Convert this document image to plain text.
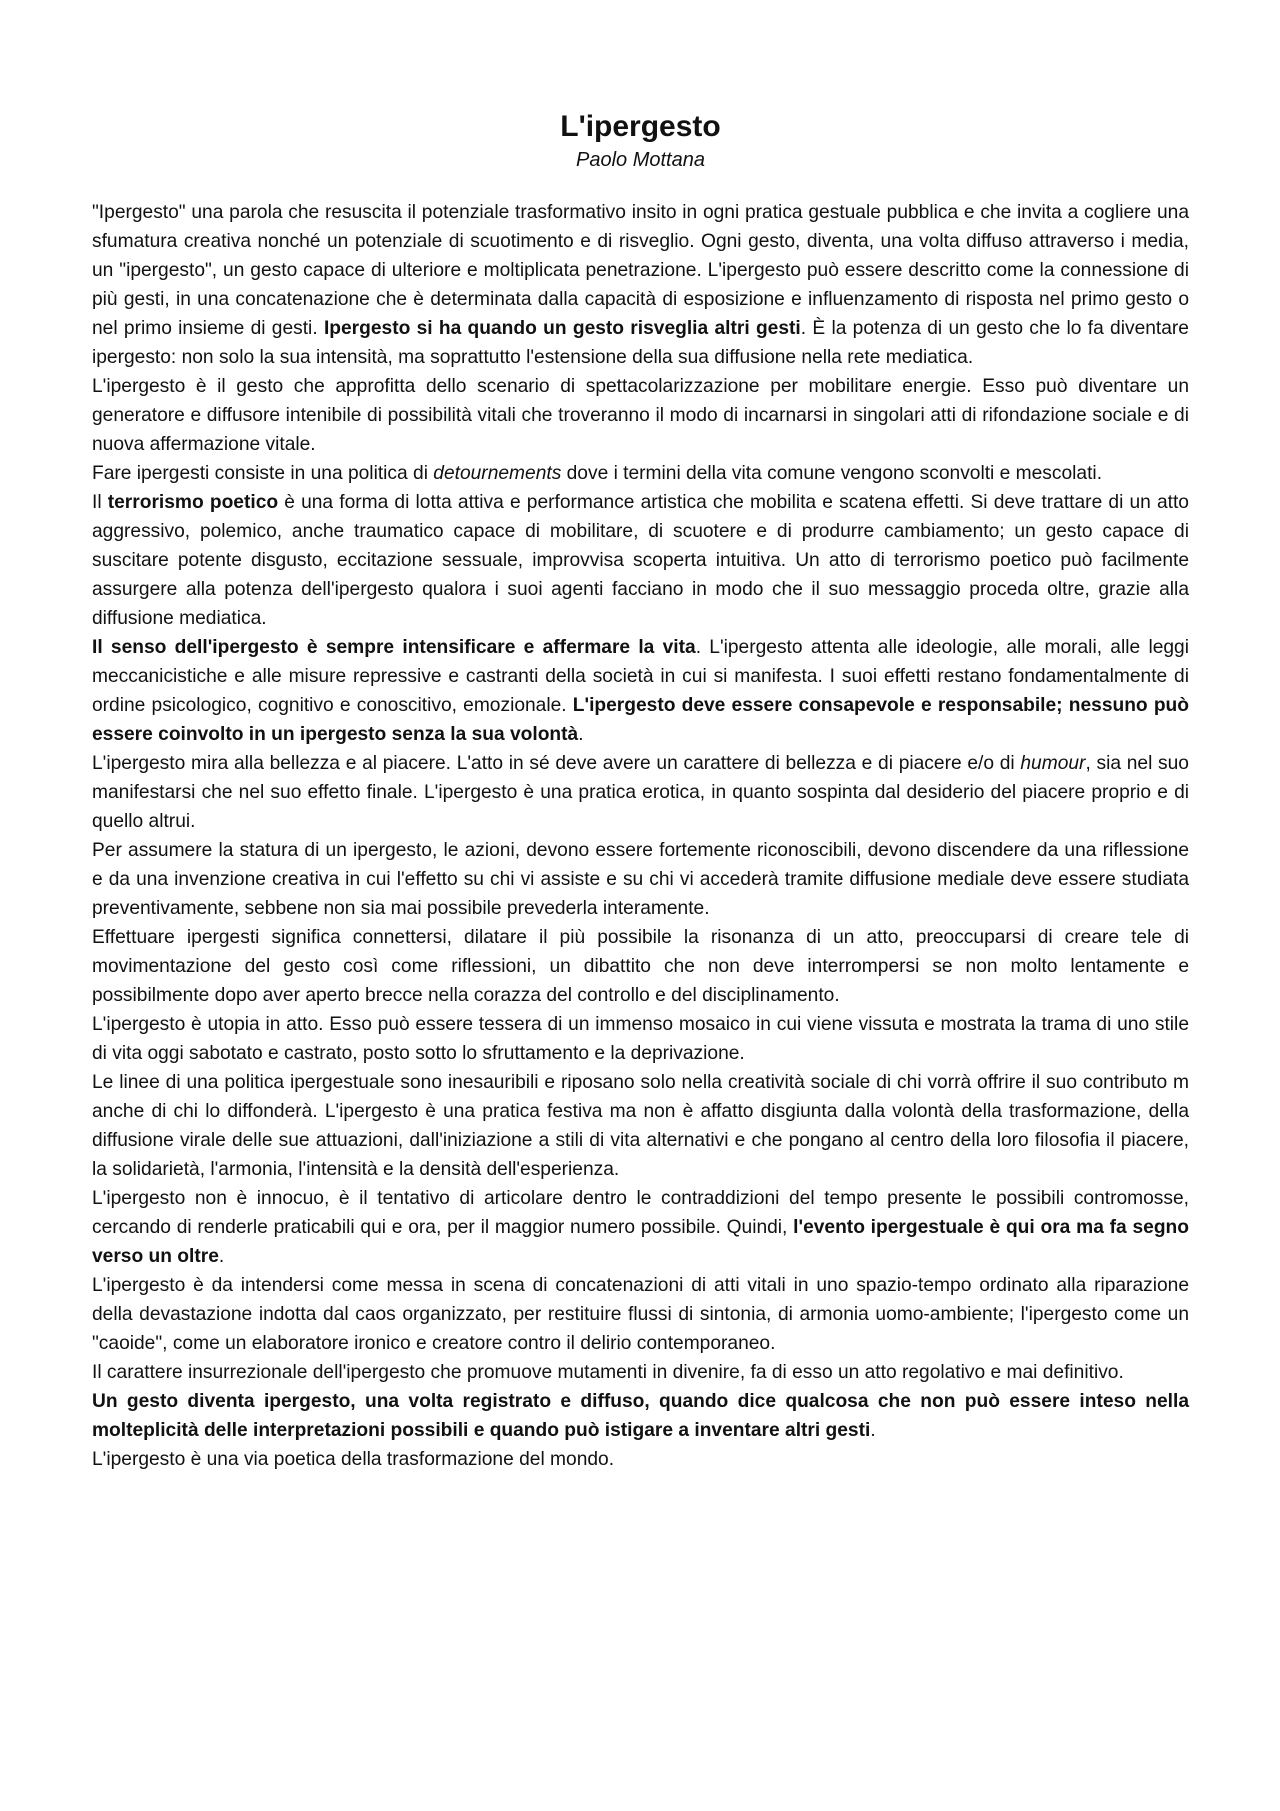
L'ipergesto
Paolo Mottana

"Ipergesto" una parola che resuscita il potenziale trasformativo insito in ogni pratica gestuale pubblica e che invita a cogliere una sfumatura creativa nonché un potenziale di scuotimento e di risveglio. Ogni gesto, diventa, una volta diffuso attraverso i media, un "ipergesto", un gesto capace di ulteriore e moltiplicata penetrazione. L'ipergesto può essere descritto come la connessione di più gesti, in una concatenazione che è determinata dalla capacità di esposizione e influenzamento di risposta nel primo gesto o nel primo insieme di gesti. Ipergesto si ha quando un gesto risveglia altri gesti. È la potenza di un gesto che lo fa diventare ipergesto: non solo la sua intensità, ma soprattutto l'estensione della sua diffusione nella rete mediatica.

L'ipergesto è il gesto che approfitta dello scenario di spettacolarizzazione per mobilitare energie. Esso può diventare un generatore e diffusore intenibile di possibilità vitali che troveranno il modo di incarnarsi in singolari atti di rifondazione sociale e di nuova affermazione vitale.

Fare ipergesti consiste in una politica di detournements dove i termini della vita comune vengono sconvolti e mescolati.

Il terrorismo poetico è una forma di lotta attiva e performance artistica che mobilita e scatena effetti. Si deve trattare di un atto aggressivo, polemico, anche traumatico capace di mobilitare, di scuotere e di produrre cambiamento; un gesto capace di suscitare potente disgusto, eccitazione sessuale, improvvisa scoperta intuitiva. Un atto di terrorismo poetico può facilmente assurgere alla potenza dell'ipergesto qualora i suoi agenti facciano in modo che il suo messaggio proceda oltre, grazie alla diffusione mediatica.

Il senso dell'ipergesto è sempre intensificare e affermare la vita. L'ipergesto attenta alle ideologie, alle morali, alle leggi meccanicistiche e alle misure repressive e castranti della società in cui si manifesta. I suoi effetti restano fondamentalmente di ordine psicologico, cognitivo e conoscitivo, emozionale. L'ipergesto deve essere consapevole e responsabile; nessuno può essere coinvolto in un ipergesto senza la sua volontà.

L'ipergesto mira alla bellezza e al piacere. L'atto in sé deve avere un carattere di bellezza e di piacere e/o di humour, sia nel suo manifestarsi che nel suo effetto finale. L'ipergesto è una pratica erotica, in quanto sospinta dal desiderio del piacere proprio e di quello altrui.

Per assumere la statura di un ipergesto, le azioni, devono essere fortemente riconoscibili, devono discendere da una riflessione e da una invenzione creativa in cui l'effetto su chi vi assiste e su chi vi accederà tramite diffusione mediale deve essere studiata preventivamente, sebbene non sia mai possibile prevederla interamente.

Effettuare ipergesti significa connettersi, dilatare il più possibile la risonanza di un atto, preoccuparsi di creare tele di movimentazione del gesto così come riflessioni, un dibattito che non deve interrompersi se non molto lentamente e possibilmente dopo aver aperto brecce nella corazza del controllo e del disciplinamento.

L'ipergesto è utopia in atto. Esso può essere tessera di un immenso mosaico in cui viene vissuta e mostrata la trama di uno stile di vita oggi sabotato e castrato, posto sotto lo sfruttamento e la deprivazione.

Le linee di una politica ipergestuale sono inesauribili e riposano solo nella creatività sociale di chi vorrà offrire il suo contributo m anche di chi lo diffonderà. L'ipergesto è una pratica festiva ma non è affatto disgiunta dalla volontà della trasformazione, della diffusione virale delle sue attuazioni, dall'iniziazione a stili di vita alternativi e che pongano al centro della loro filosofia il piacere, la solidarietà, l'armonia, l'intensità e la densità dell'esperienza.

L'ipergesto non è innocuo, è il tentativo di articolare dentro le contraddizioni del tempo presente le possibili contromosse, cercando di renderle praticabili qui e ora, per il maggior numero possibile. Quindi, l'evento ipergestuale è qui ora ma fa segno verso un oltre.

L'ipergesto è da intendersi come messa in scena di concatenazioni di atti vitali in uno spazio-tempo ordinato alla riparazione della devastazione indotta dal caos organizzato, per restituire flussi di sintonia, di armonia uomo-ambiente; l'ipergesto come un "caoide", come un elaboratore ironico e creatore contro il delirio contemporaneo.

Il carattere insurrezionale dell'ipergesto che promuove mutamenti in divenire, fa di esso un atto regolativo e mai definitivo.

Un gesto diventa ipergesto, una volta registrato e diffuso, quando dice qualcosa che non può essere inteso nella molteplicità delle interpretazioni possibili e quando può istigare a inventare altri gesti.

L'ipergesto è una via poetica della trasformazione del mondo.
